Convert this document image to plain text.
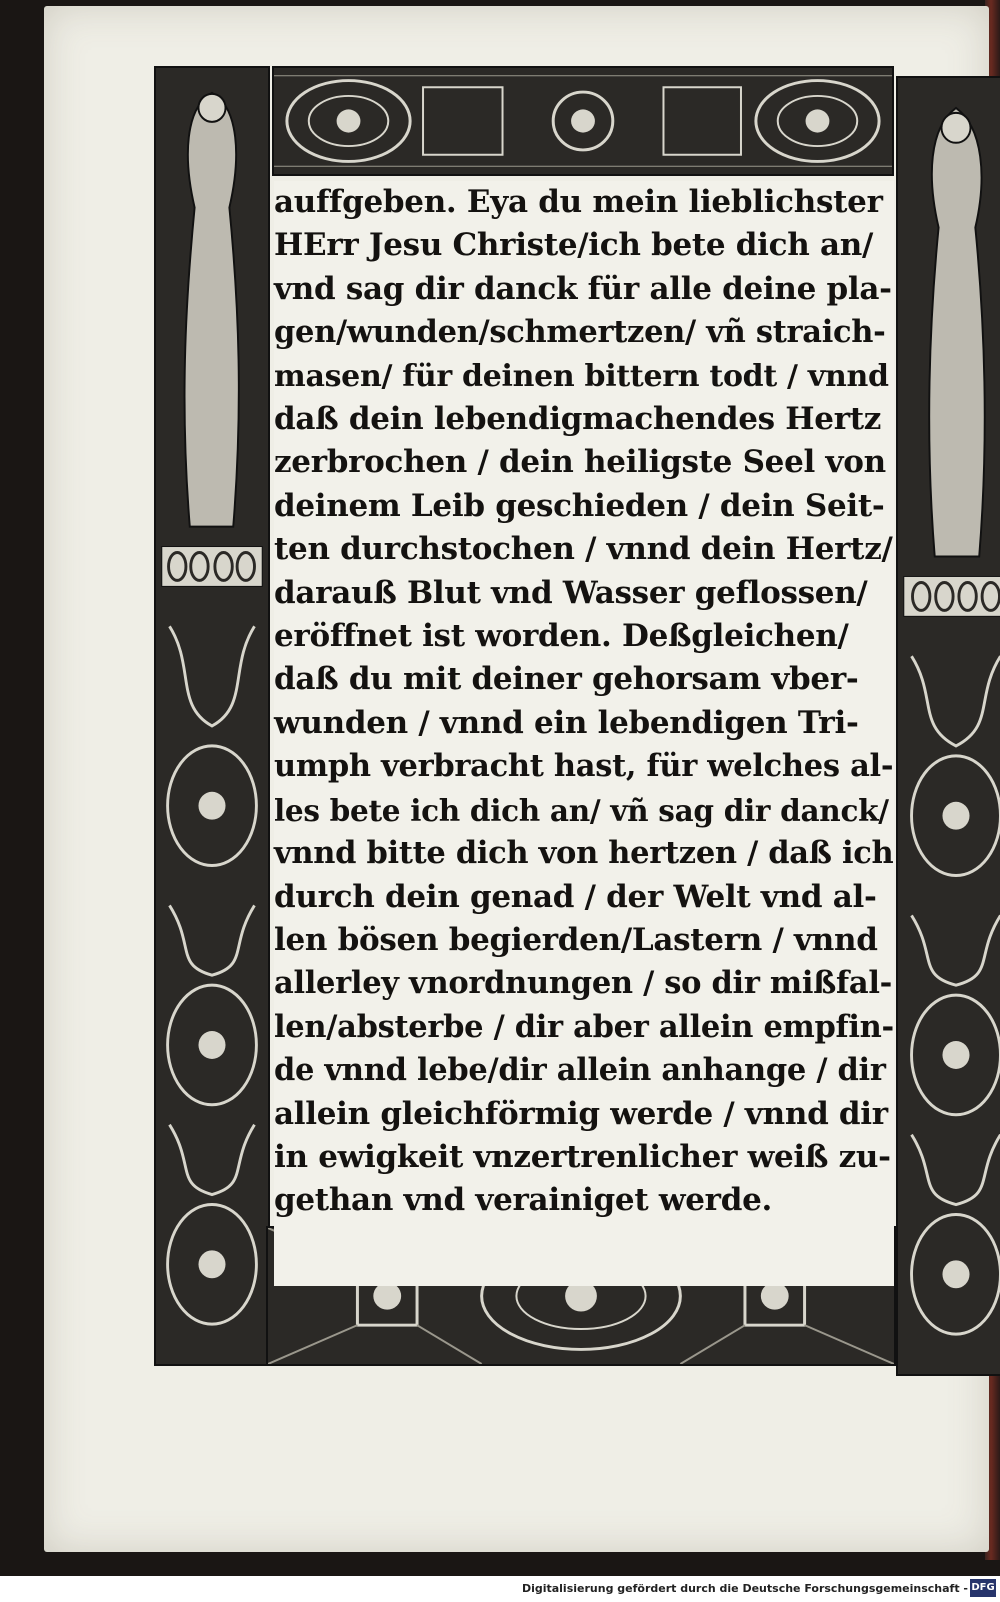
auffgeben. Eya du mein lieblichster
HErr Jesu Christe/ich bete dich an/
vnd sag dir danck für alle deine pla-
gen/wunden/schmertzen/ vñ straich-
masen/ für deinen bittern todt / vnnd
daß dein lebendigmachendes Hertz
zerbrochen / dein heiligste Seel von
deinem Leib geschieden / dein Seit-
ten durchstochen / vnnd dein Hertz/
darauß Blut vnd Wasser geflossen/
eröffnet ist worden. Deßgleichen/
daß du mit deiner gehorsam vber-
wunden / vnnd ein lebendigen Tri-
umph verbracht hast, für welches al-
les bete ich dich an/ vñ sag dir danck/
vnnd bitte dich von hertzen / daß ich
durch dein genad / der Welt vnd al-
len bösen begierden/Lastern / vnnd
allerley vnordnungen / so dir mißfal-
len/absterbe / dir aber allein empfin-
de vnnd lebe/dir allein anhange / dir
allein gleichförmig werde / vnnd dir
in ewigkeit vnzertrenlicher weiß zu-
gethan vnd verainiget werde.
Digitalisierung gefördert durch die Deutsche Forschungsgemeinschaft - DFG
